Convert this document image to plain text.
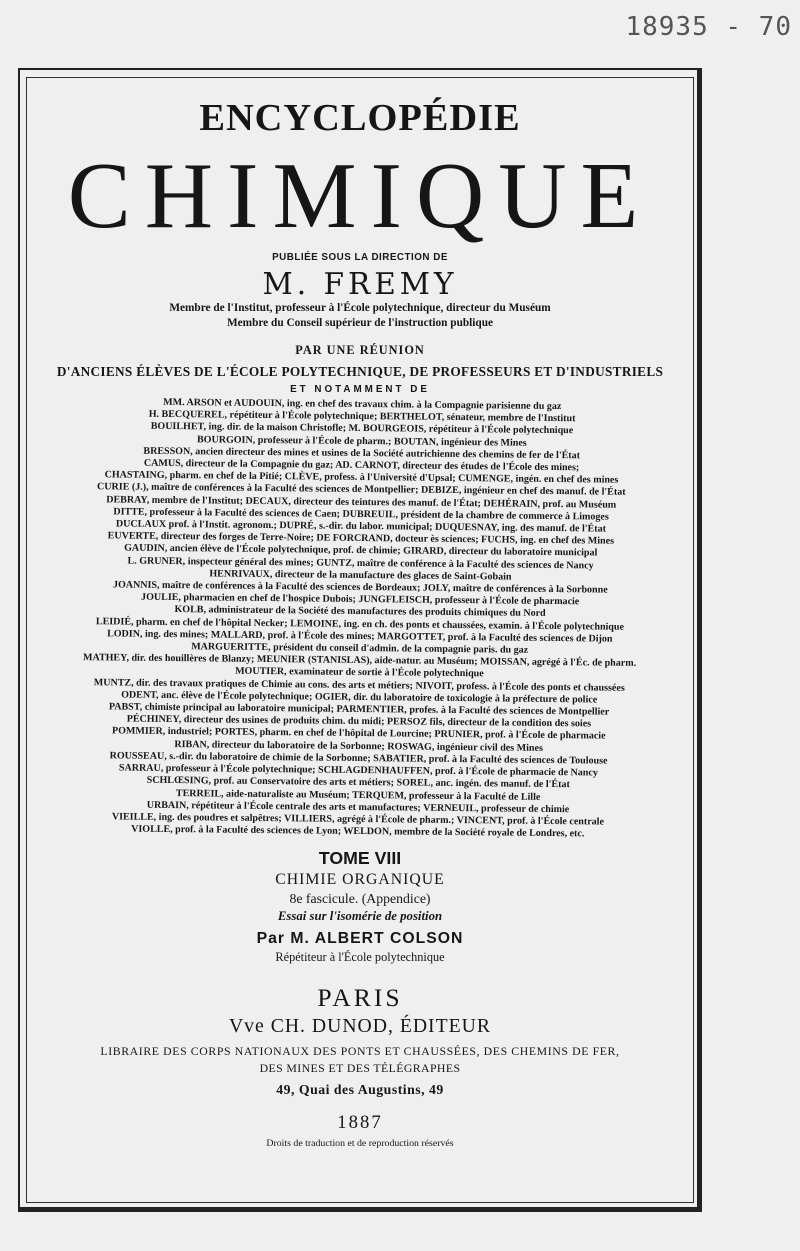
18935 - 70
ENCYCLOPÉDIE
CHIMIQUE
PUBLIÉE SOUS LA DIRECTION DE
M. FREMY
Membre de l'Institut, professeur à l'École polytechnique, directeur du Muséum
Membre du Conseil supérieur de l'instruction publique
PAR UNE RÉUNION
D'ANCIENS ÉLÈVES DE L'ÉCOLE POLYTECHNIQUE, DE PROFESSEURS ET D'INDUSTRIELS
ET NOTAMMENT DE
MM. ARSON et AUDOUIN, ing. en chef des travaux chim. à la Compagnie parisienne du gaz
H. BECQUEREL, répétiteur à l'École polytechnique; BERTHELOT, sénateur, membre de l'Institut
BOUILHET, ing. dir. de la maison Christofle; M. BOURGEOIS, répétiteur à l'École polytechnique
BOURGOIN, professeur à l'École de pharm.; BOUTAN, ingénieur des Mines
BRESSON, ancien directeur des mines et usines de la Société autrichienne des chemins de fer de l'État
CAMUS, directeur de la Compagnie du gaz; AD. CARNOT, directeur des études de l'École des mines;
CHASTAING, pharm. en chef de la Pitié; CLÈVE, profess. à l'Université d'Upsal; CUMENGE, ingén. en chef des mines
CURIE (J.), maître de conférences à la Faculté des sciences de Montpellier; DEBIZE, ingénieur en chef des manuf. de l'État
DEBRAY, membre de l'Institut; DECAUX, directeur des teintures des manuf. de l'État; DEHÉRAIN, prof. au Muséum
DITTE, professeur à la Faculté des sciences de Caen; DUBREUIL, président de la chambre de commerce à Limoges
DUCLAUX prof. à l'Instit. agronom.; DUPRÉ, s.-dir. du labor. municipal; DUQUESNAY, ing. des manuf. de l'État
EUVERTE, directeur des forges de Terre-Noire; DE FORCRAND, docteur ès sciences; FUCHS, ing. en chef des Mines
GAUDIN, ancien élève de l'École polytechnique, prof. de chimie; GIRARD, directeur du laboratoire municipal
L. GRUNER, inspecteur général des mines; GUNTZ, maître de conférence à la Faculté des sciences de Nancy
HENRIVAUX, directeur de la manufacture des glaces de Saint-Gobain
JOANNIS, maître de conférences à la Faculté des sciences de Bordeaux; JOLY, maître de conférences à la Sorbonne
JOULIE, pharmacien en chef de l'hospice Dubois; JUNGFLEISCH, professeur à l'École de pharmacie
KOLB, administrateur de la Société des manufactures des produits chimiques du Nord
LEIDIÉ, pharm. en chef de l'hôpital Necker; LEMOINE, ing. en ch. des ponts et chaussées, examin. à l'École polytechnique
LODIN, ing. des mines; MALLARD, prof. à l'École des mines; MARGOTTET, prof. à la Faculté des sciences de Dijon
MARGUERITTE, président du conseil d'admin. de la compagnie paris. du gaz
MATHEY, dir. des houillères de Blanzy; MEUNIER (STANISLAS), aide-natur. au Muséum; MOISSAN, agrégé à l'Éc. de pharm.
MOUTIER, examinateur de sortie à l'École polytechnique
MUNTZ, dir. des travaux pratiques de Chimie au cons. des arts et métiers; NIVOIT, profess. à l'École des ponts et chaussées
ODENT, anc. élève de l'École polytechnique; OGIER, dir. du laboratoire de toxicologie à la préfecture de police
PABST, chimiste principal au laboratoire municipal; PARMENTIER, profes. à la Faculté des sciences de Montpellier
PÉCHINEY, directeur des usines de produits chim. du midi; PERSOZ fils, directeur de la condition des soies
POMMIER, industriel; PORTES, pharm. en chef de l'hôpital de Lourcine; PRUNIER, prof. à l'École de pharmacie
RIBAN, directeur du laboratoire de la Sorbonne; ROSWAG, ingénieur civil des Mines
ROUSSEAU, s.-dir. du laboratoire de chimie de la Sorbonne; SABATIER, prof. à la Faculté des sciences de Toulouse
SARRAU, professeur à l'École polytechnique; SCHLAGDENHAUFFEN, prof. à l'École de pharmacie de Nancy
SCHLŒSING, prof. au Conservatoire des arts et métiers; SOREL, anc. ingén. des manuf. de l'État
TERREIL, aide-naturaliste au Muséum; TERQUEM, professeur à la Faculté de Lille
URBAIN, répétiteur à l'École centrale des arts et manufactures; VERNEUIL, professeur de chimie
VIEILLE, ing. des poudres et salpêtres; VILLIERS, agrégé à l'École de pharm.; VINCENT, prof. à l'École centrale
VIOLLE, prof. à la Faculté des sciences de Lyon; WELDON, membre de la Société royale de Londres, etc.
TOME VIII
CHIMIE ORGANIQUE
8e fascicule. (Appendice)
Essai sur l'isomérie de position
Par M. ALBERT COLSON
Répétiteur à l'École polytechnique
PARIS
Vve CH. DUNOD, ÉDITEUR
LIBRAIRE DES CORPS NATIONAUX DES PONTS ET CHAUSSÉES, DES CHEMINS DE FER,
DES MINES ET DES TÉLÉGRAPHES
49, Quai des Augustins, 49
1887
Droits de traduction et de reproduction réservés
